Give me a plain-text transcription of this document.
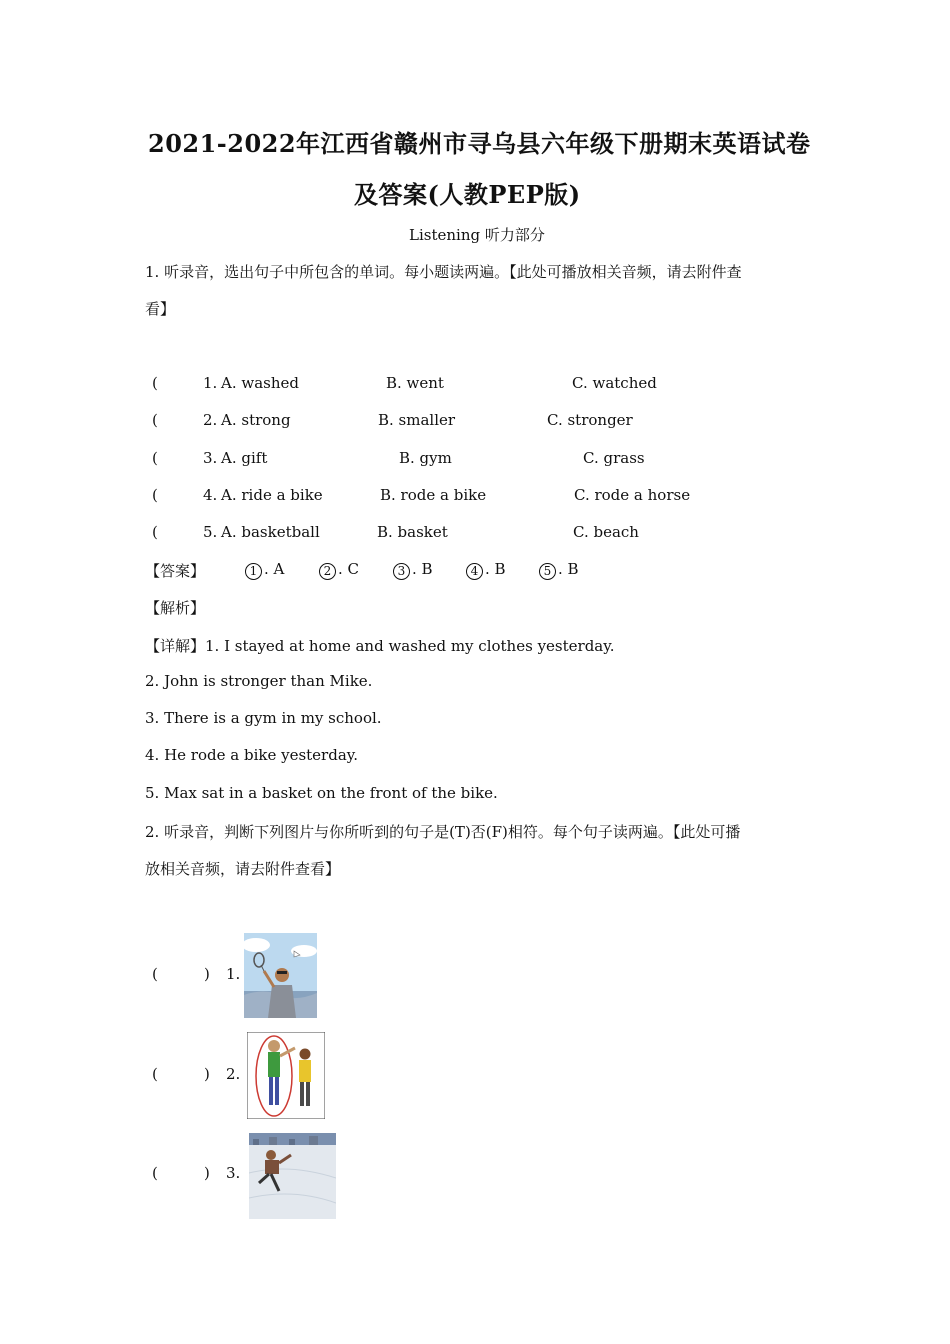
2021-2022年江西省赣州市寻乌县六年级下册期末英语试卷
及答案(人教PEP版)
Listening 听力部分
1. 听录音，选出句子中所包含的单词。每小题读两遍。【此处可播放相关音频，请去附件查
看】
(	1. A. washed	B. went	C. watched
(	2. A. strong	B. smaller	C. stronger
(	3. A. gift	B. gym	C. grass
(	4. A. ride a bike	B. rode a bike	C. rode a horse
(	5. A. basketball	B. basket	C. beach
【答案】	1 . A	2 . C	3 . B	4 . B	5 . B
【解析】
【详解】1. I stayed at home and washed my clothes yesterday.
2. John is stronger than Mike.
3. There is a gym in my school.
4. He rode a bike yesterday.
5. Max sat in a basket on the front of the bike.
2. 听录音，判断下列图片与你所听到的句子是(T)否(F)相符。每个句子读两遍。【此处可播
放相关音频，请去附件查看】
(	) 1.
(	) 2.
(	) 3.
